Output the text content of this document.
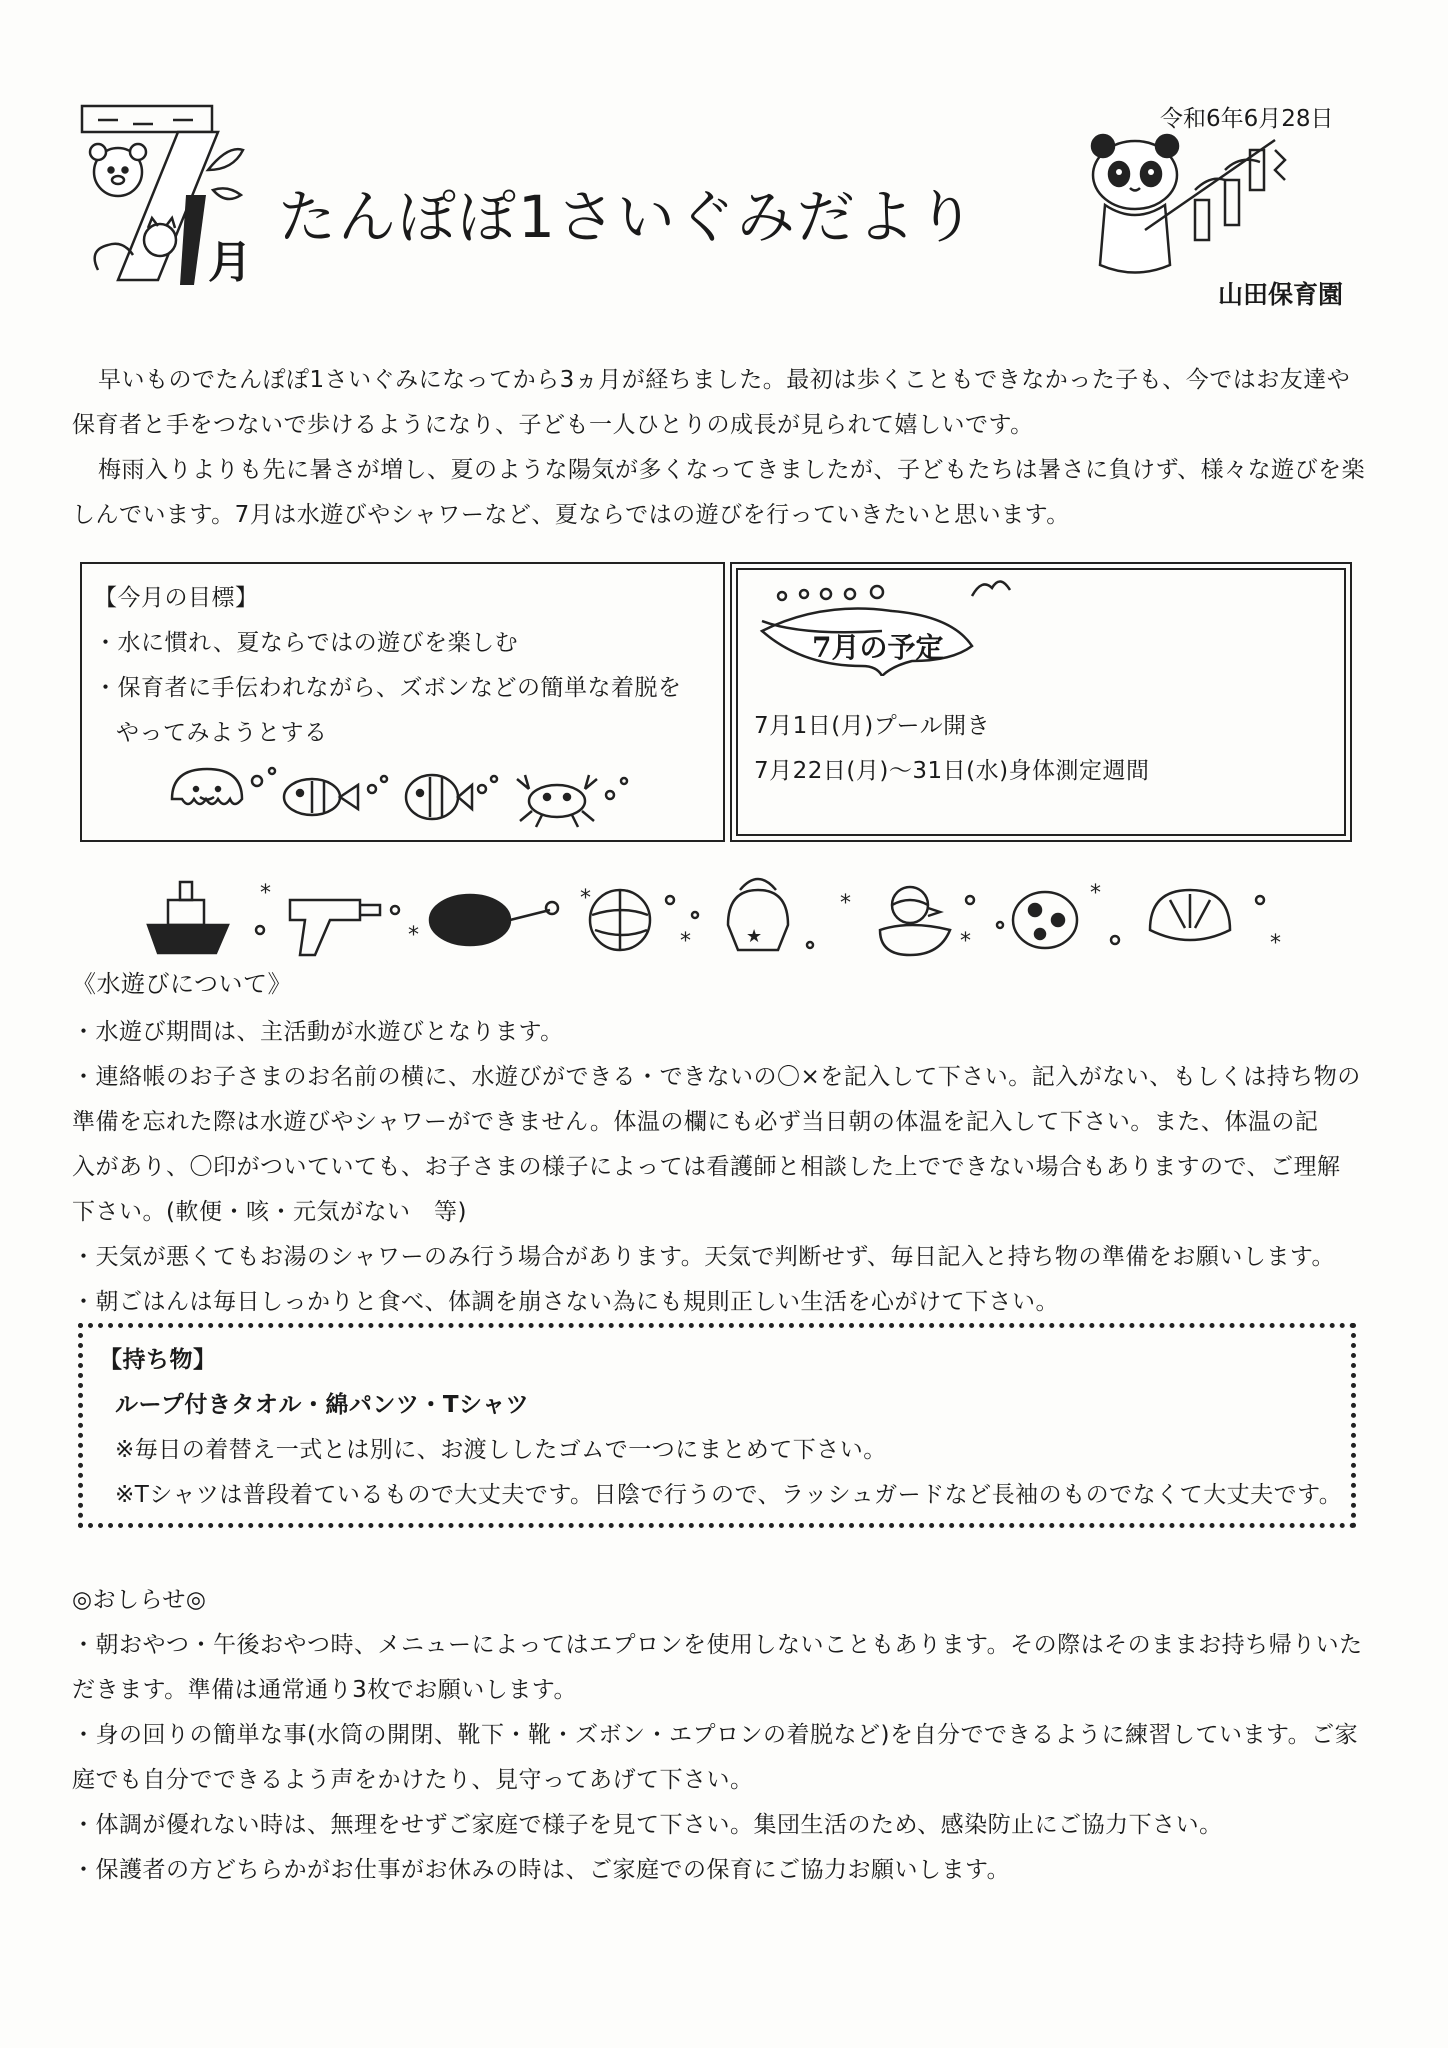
月
たんぽぽ1さいぐみだより
令和6年6月28日
山田保育園
早いものでたんぽぽ1さいぐみになってから3ヵ月が経ちました。最初は歩くこともできなかった子も、今ではお友達や
保育者と手をつないで歩けるようになり、子ども一人ひとりの成長が見られて嬉しいです。
梅雨入りよりも先に暑さが増し、夏のような陽気が多くなってきましたが、子どもたちは暑さに負けず、様々な遊びを楽
しんでいます。7月は水遊びやシャワーなど、夏ならではの遊びを行っていきたいと思います。
【今月の目標】
・水に慣れ、夏ならではの遊びを楽しむ
・保育者に手伝われながら、ズボンなどの簡単な着脱を
やってみようとする
7月の予定
7月1日(月)プール開き
7月22日(月)～31日(水)身体測定週間
*
*
*
*	★
*
*
*
*
《水遊びについて》
・水遊び期間は、主活動が水遊びとなります。
・連絡帳のお子さまのお名前の横に、水遊びができる・できないの〇×を記入して下さい。記入がない、もしくは持ち物の
準備を忘れた際は水遊びやシャワーができません。体温の欄にも必ず当日朝の体温を記入して下さい。また、体温の記
入があり、〇印がついていても、お子さまの様子によっては看護師と相談した上でできない場合もありますので、ご理解
下さい。(軟便・咳・元気がない　等)
・天気が悪くてもお湯のシャワーのみ行う場合があります。天気で判断せず、毎日記入と持ち物の準備をお願いします。
・朝ごはんは毎日しっかりと食べ、体調を崩さない為にも規則正しい生活を心がけて下さい。
【持ち物】
ループ付きタオル・綿パンツ・Tシャツ
※毎日の着替え一式とは別に、お渡ししたゴムで一つにまとめて下さい。
※Tシャツは普段着ているもので大丈夫です。日陰で行うので、ラッシュガードなど長袖のものでなくて大丈夫です。
◎おしらせ◎
・朝おやつ・午後おやつ時、メニューによってはエプロンを使用しないこともあります。その際はそのままお持ち帰りいた
だきます。準備は通常通り3枚でお願いします。
・身の回りの簡単な事(水筒の開閉、靴下・靴・ズボン・エプロンの着脱など)を自分でできるように練習しています。ご家
庭でも自分でできるよう声をかけたり、見守ってあげて下さい。
・体調が優れない時は、無理をせずご家庭で様子を見て下さい。集団生活のため、感染防止にご協力下さい。
・保護者の方どちらかがお仕事がお休みの時は、ご家庭での保育にご協力お願いします。
